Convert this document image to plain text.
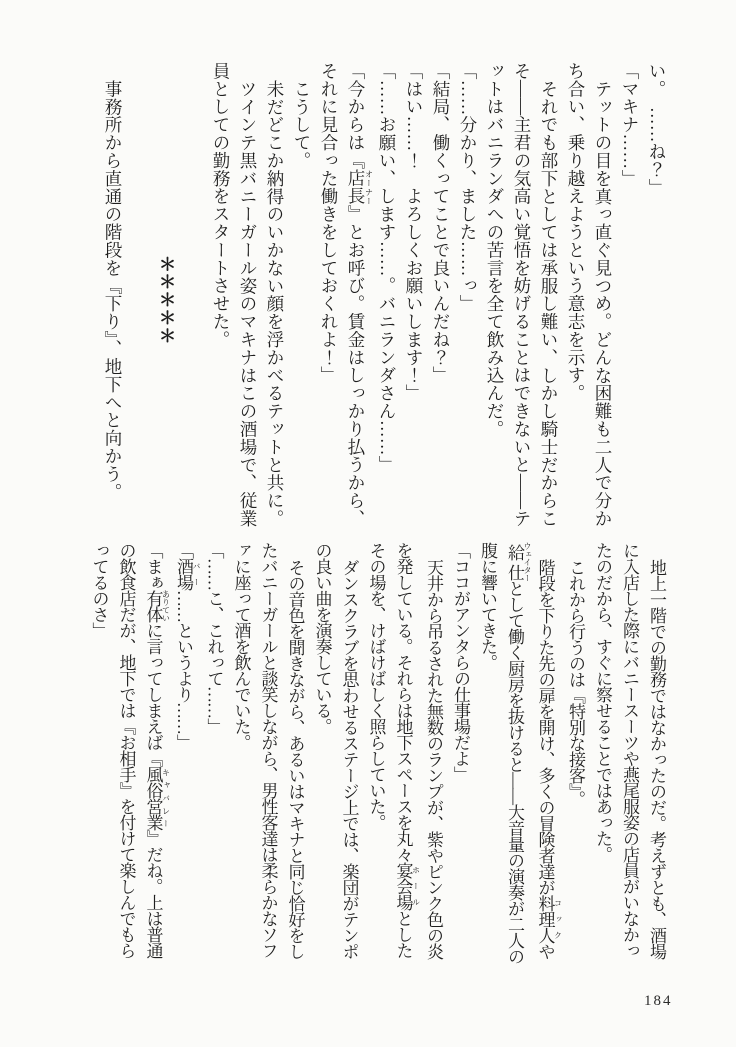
い。　……ね？」
「マキナ……」
テットの目を真っ直ぐ見つめ。どんな困難も二人で分か
ち合い、乗り越えようという意志を示す。
それでも部下としては承服し難い、しかし騎士だからこ
そ――主君の気高い覚悟を妨げることはできないと――テ
ットはバニランダへの苦言を全て飲み込んだ。
「……分かり、ました……っ」
「結局、働くってことで良いんだね？」
「はい……！　よろしくお願いします！」
「……お願い、します……。バニランダさん……」
「今からは『店長オーナー』とお呼び。賃金はしっかり払うから、
それに見合った働きをしておくれよ！」
こうして。
未だどこか納得のいかない顔を浮かべるテットと共に。
ツインテ黒バニーガール姿のマキナはこの酒場で、従業
員としての勤務をスタートさせた。
＊＊＊＊＊
事務所から直通の階段を『下り』、地下へと向かう。
地上一階での勤務ではなかったのだ。考えずとも、酒場
に入店した際にバニースーツや燕尾服姿の店員がいなかっ
たのだから、すぐに察せることではあった。
これから行うのは『特別な接客』。
階段を下りた先の扉を開け、多くの冒険者達が料理人 コックや
給仕 ウェイターとして働く厨房を抜けると――大音量の演奏が二人の
腹に響いてきた。
「ココがアンタらの仕事場だよ」
天井から吊るされた無数のランプが、紫やピンク色の炎
を発している。それらは地下スペースを丸々宴会場 ホールとした
その場を、けばけばしく照らしていた。
ダンスクラブを思わせるステージ上では、楽団がテンポ
の良い曲を演奏している。
その音色を聞きながら、あるいはマキナと同じ恰好をし
たバニーガールと談笑しながら、男性客達は柔らかなソフ
ァに座って酒を飲んでいた。
「……こ、これって……」
「酒場 バー……というより……」
「まぁ有体 ありていに言ってしまえば『風俗営業 キャバレー』だね。上は普通
の飲食店だが、地下では『お相手』を付けて楽しんでもら
ってるのさ」
184
